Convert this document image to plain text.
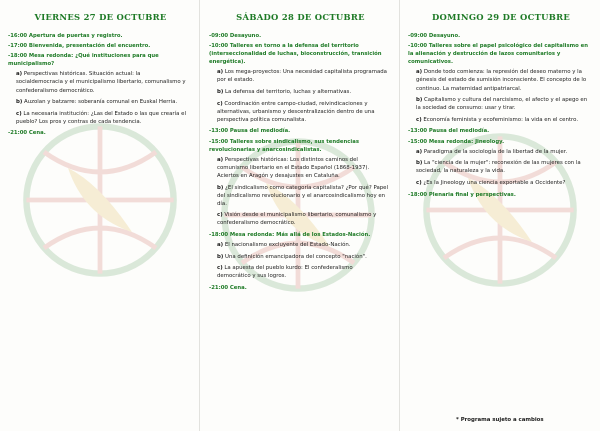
VIERNES 27 DE OCTUBRE
-16:00 Apertura de puertas y registro.
-17:00 Bienvenida, presentación del encuentro.
-18:00 Mesa redonda: ¿Qué instituciones para que municipalismo?
a) Perspectivas históricas. Situación actual: la socialdemocracia y el municipalismo libertario, comunalismo y confederalismo democrático.
b) Auzolan y batzarre: soberanía comunal en Euskal Herria.
c) La necesaria institución: ¿Las del Estado o las que crearía el pueblo? Los pros y contras de cada tendencia.
-21:00 Cena.
SÁBADO 28 DE OCTUBRE
-09:00 Desayuno.
-10:00 Talleres en torno a la defensa del territorio (interseccionalidad de luchas, bioconstrucción, transición energética).
a) Los mega-proyectos: Una necesidad capitalista programada por el estado.
b) La defensa del territorio, luchas y alternativas.
c) Coordinación entre campo-ciudad, reivindicaciones y alternativas, urbanismo y descentralización dentro de una perspectiva política comunalista.
-13:00 Pausa del mediodía.
-15:00 Talleres sobre sindicalismo, sus tendencias revolucionarias y anarcosindicalistas.
a) Perspectivas históricas: Los distintos caminos del comunismo libertario en el Estado Español (1868-1937). Aciertos en Aragón y desajustes en Cataluña.
b) ¿El sindicalismo como categoría capitalista? ¿Por qué? Papel del sindicalismo revolucionario y el anarcosindicalismo hoy en día.
c) Visión desde el municipalismo libertario, comunalismo y confederalismo democrático.
-18:00 Mesa redonda: Más allá de los Estados-Nación.
a) El nacionalismo excluyente del Estado-Nación.
b) Una definición emancipadora del concepto "nación".
c) La apuesta del pueblo kurdo: El confederalismo democrático y sus logros.
-21:00 Cena.
DOMINGO 29 DE OCTUBRE
-09:00 Desayuno.
-10:00 Talleres sobre el papel psicológico del capitalismo en la alienación y destrucción de lazos comunitarios y comunicativos.
a) Donde todo comienza: la represión del deseo materno y la génesis del estado de sumisión inconsciente. El concepto de lo continuo. La maternidad antipatriarcal.
b) Capitalismo y cultura del narcisismo, el afecto y el apego en la sociedad de consumo: usar y tirar.
c) Economía feminista y ecofeminismo: la vida en el centro.
-13:00 Pausa del mediodía.
-15:00 Mesa redonda: Jineology.
a) Paradigma de la sociología de la libertad de la mujer.
b) La "ciencia de la mujer": reconexión de las mujeres con la sociedad, la naturaleza y la vida.
c) ¿Es la Jineology una ciencia exportable a Occidente?
-18:00 Plenaria final y perspectivas.
* Programa sujeto a cambios
